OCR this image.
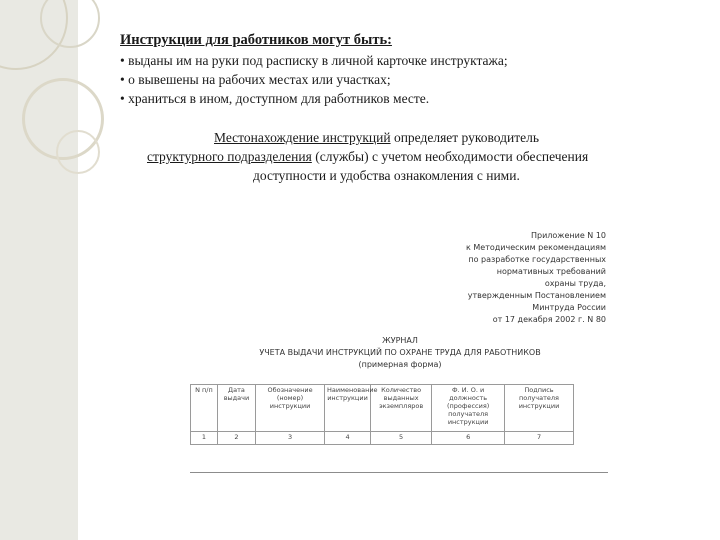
Инструкции для работников могут быть:
• выданы им на руки под расписку в личной карточке инструктажа;
• о вывешены на рабочих местах или участках;
• храниться в ином, доступном для работников месте.

Местонахождение инструкций определяет руководитель
структурного подразделения (службы) с учетом необходимости обеспечения
доступности и удобства ознакомления с ними.

Приложение N 10
к Методическим рекомендациям
по разработке государственных
нормативных требований
охраны труда,
утвержденным Постановлением
Минтруда России
от 17 декабря 2002 г. N 80
ЖУРНАЛ
УЧЕТА ВЫДАЧИ ИНСТРУКЦИЙ ПО ОХРАНЕ ТРУДА ДЛЯ РАБОТНИКОВ
(примерная форма)
N п/п	Дата выдачи	Обозначение (номер) инструкции	Наименование инструкции	Количество выданных экземпляров	Ф. И. О. и должность (профессия) получателя инструкции	Подпись получателя инструкции
1	2	3	4	5	6	7
